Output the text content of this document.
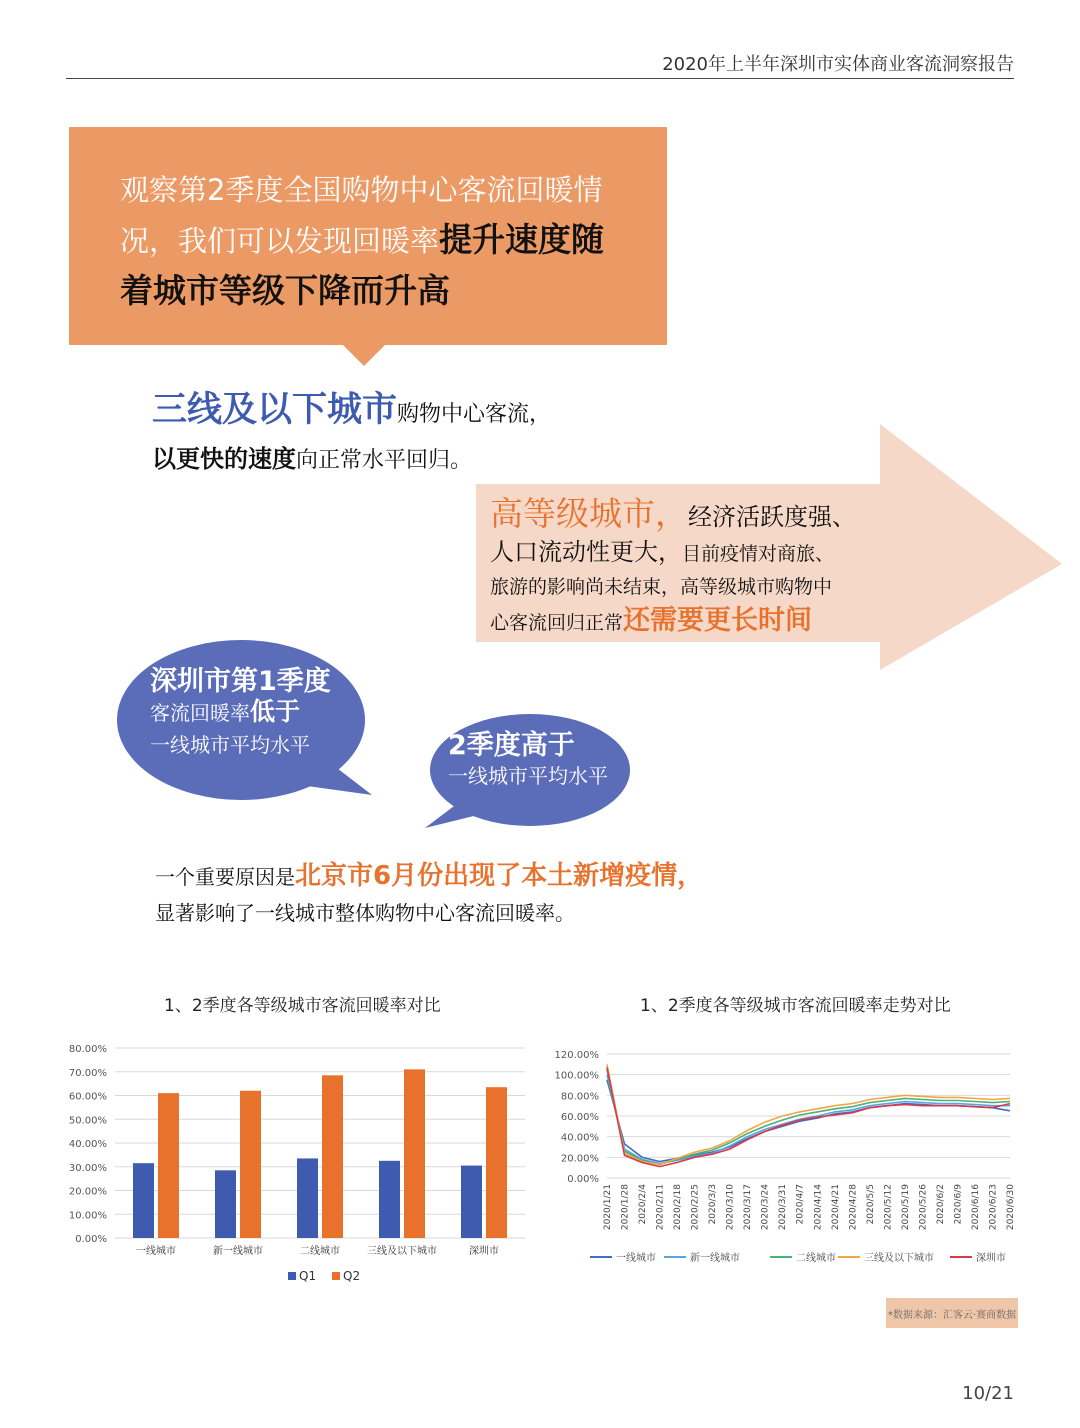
2020年上半年深圳市实体商业客流洞察报告
观察第2季度全国购物中心客流回暖情
况，我们可以发现回暖率提升速度随
着城市等级下降而升高
三线及以下城市购物中心客流，
以更快的速度向正常水平回归。
高等级城市，经济活跃度强、
人口流动性更大，目前疫情对商旅、
旅游的影响尚未结束，高等级城市购物中
心客流回归正常还需要更长时间
深圳市第1季度
客流回暖率低于
一线城市平均水平	2季度高于
一线城市平均水平
一个重要原因是北京市6月份出现了本土新增疫情，
显著影响了一线城市整体购物中心客流回暖率。
1、2季度各等级城市客流回暖率对比	1、2季度各等级城市客流回暖率走势对比
0.00%
10.00%
20.00%
30.00%
40.00%
50.00%
60.00%
70.00%
80.00%
一线城市	新一线城市	二线城市	三线及以下城市	深圳市
Q1 Q2
0.00%
20.00%
40.00%
60.00%
80.00%
100.00%
120.00%
2020/1/21 2020/1/28 2020/2/4 2020/2/11 2020/2/18 2020/2/25 2020/3/3 2020/3/10 2020/3/17 2020/3/24 2020/3/31 2020/4/7 2020/4/14 2020/4/21 2020/4/28 2020/5/5 2020/5/12 2020/5/19 2020/5/26 2020/6/2 2020/6/9 2020/6/16 2020/6/23 2020/6/30
一线城市	新一线城市	二线城市	三线及以下城市	深圳市
*数据来源：汇客云·赛商数据
10/21
